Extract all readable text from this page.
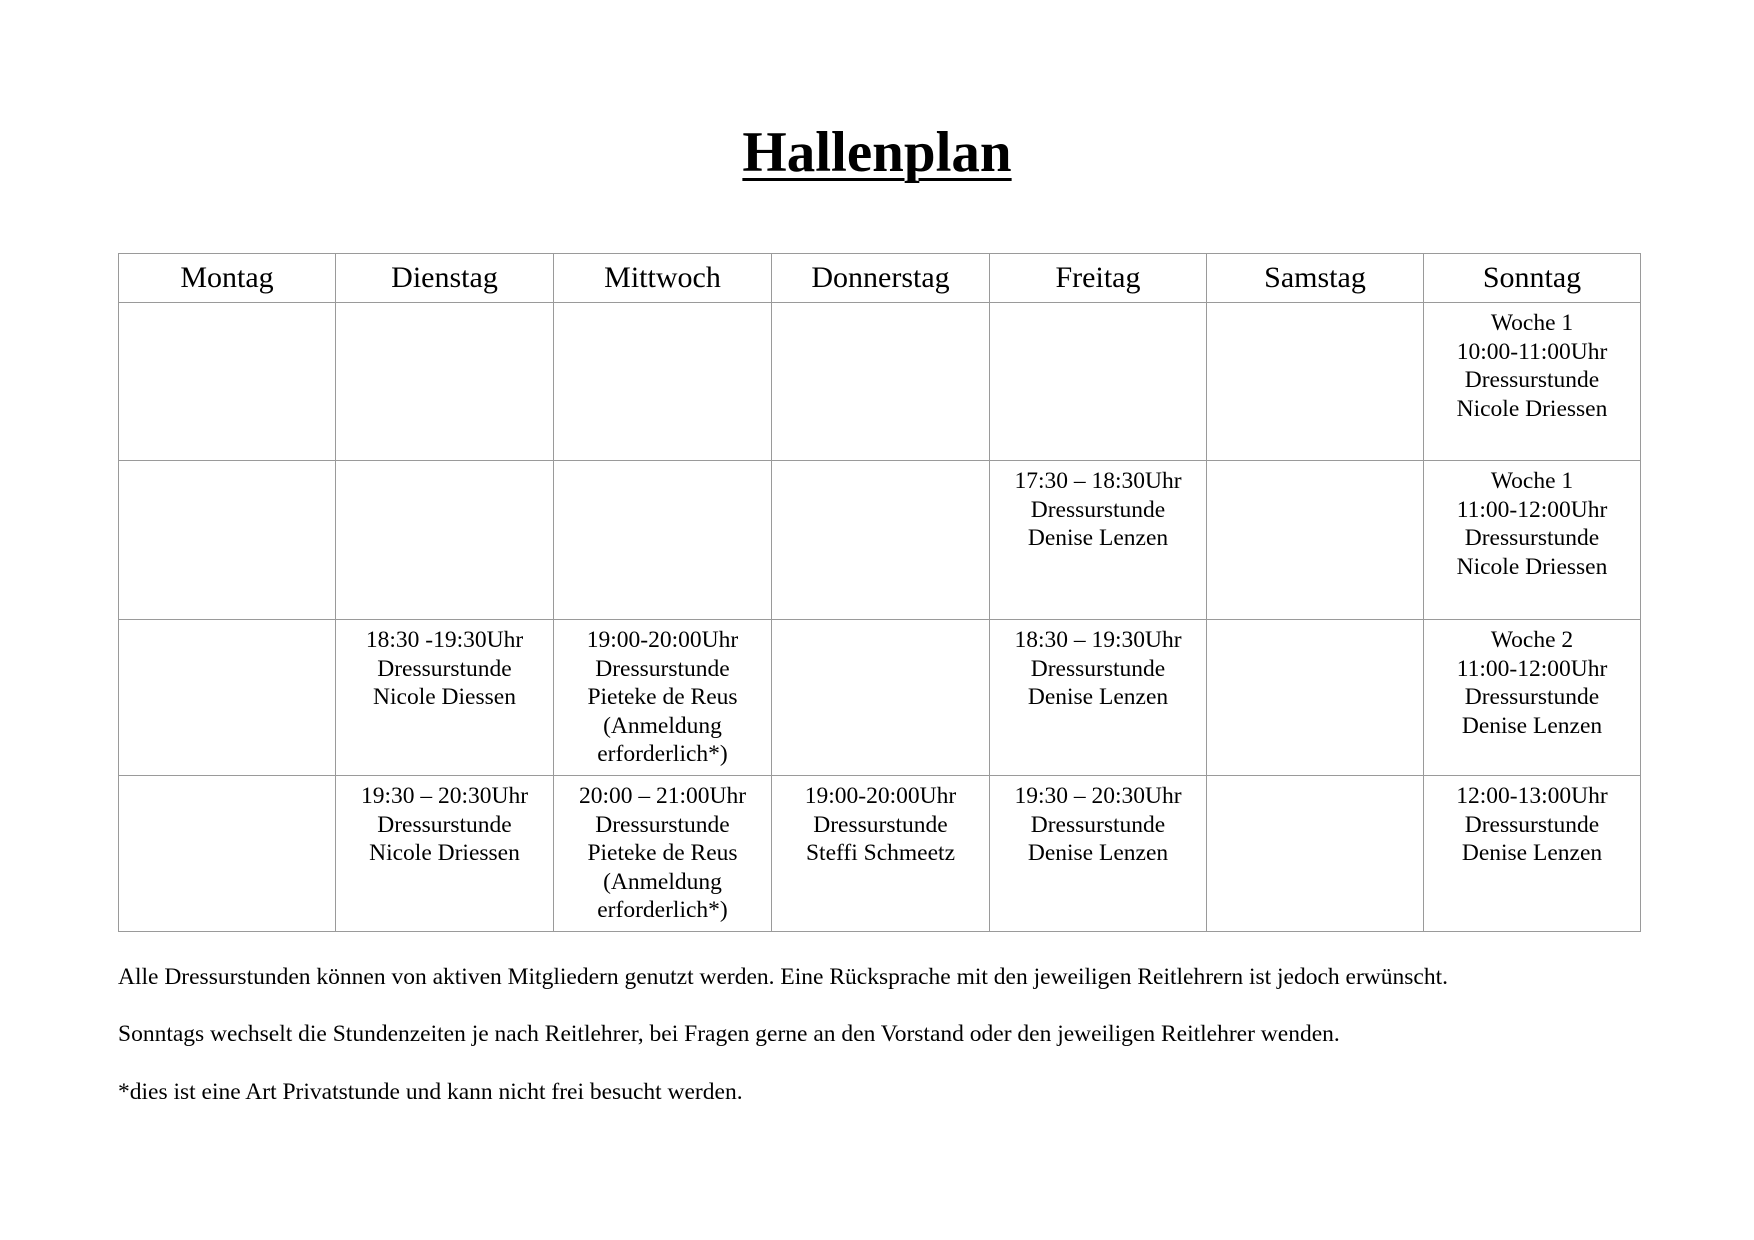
Hallenplan
Montag	Dienstag	Mittwoch	Donnerstag	Freitag	Samstag	Sonntag

						Woche 1
10:00-11:00Uhr
Dressurstunde
Nicole Driessen

				17:30 – 18:30Uhr
Dressurstunde
Denise Lenzen		Woche 1
11:00-12:00Uhr
Dressurstunde
Nicole Driessen

	18:30 -19:30Uhr
Dressurstunde
Nicole Diessen	19:00-20:00Uhr
Dressurstunde
Pieteke de Reus
(Anmeldung
erforderlich*)		18:30 – 19:30Uhr
Dressurstunde
Denise Lenzen		Woche 2
11:00-12:00Uhr
Dressurstunde
Denise Lenzen

	19:30 – 20:30Uhr
Dressurstunde
Nicole Driessen	20:00 – 21:00Uhr
Dressurstunde
Pieteke de Reus
(Anmeldung
erforderlich*)	19:00-20:00Uhr
Dressurstunde
Steffi Schmeetz	19:30 – 20:30Uhr
Dressurstunde
Denise Lenzen		12:00-13:00Uhr
Dressurstunde
Denise Lenzen
Alle Dressurstunden können von aktiven Mitgliedern genutzt werden. Eine Rücksprache mit den jeweiligen Reitlehrern ist jedoch erwünscht.
Sonntags wechselt die Stundenzeiten je nach Reitlehrer, bei Fragen gerne an den Vorstand oder den jeweiligen Reitlehrer wenden.
*dies ist eine Art Privatstunde und kann nicht frei besucht werden.
